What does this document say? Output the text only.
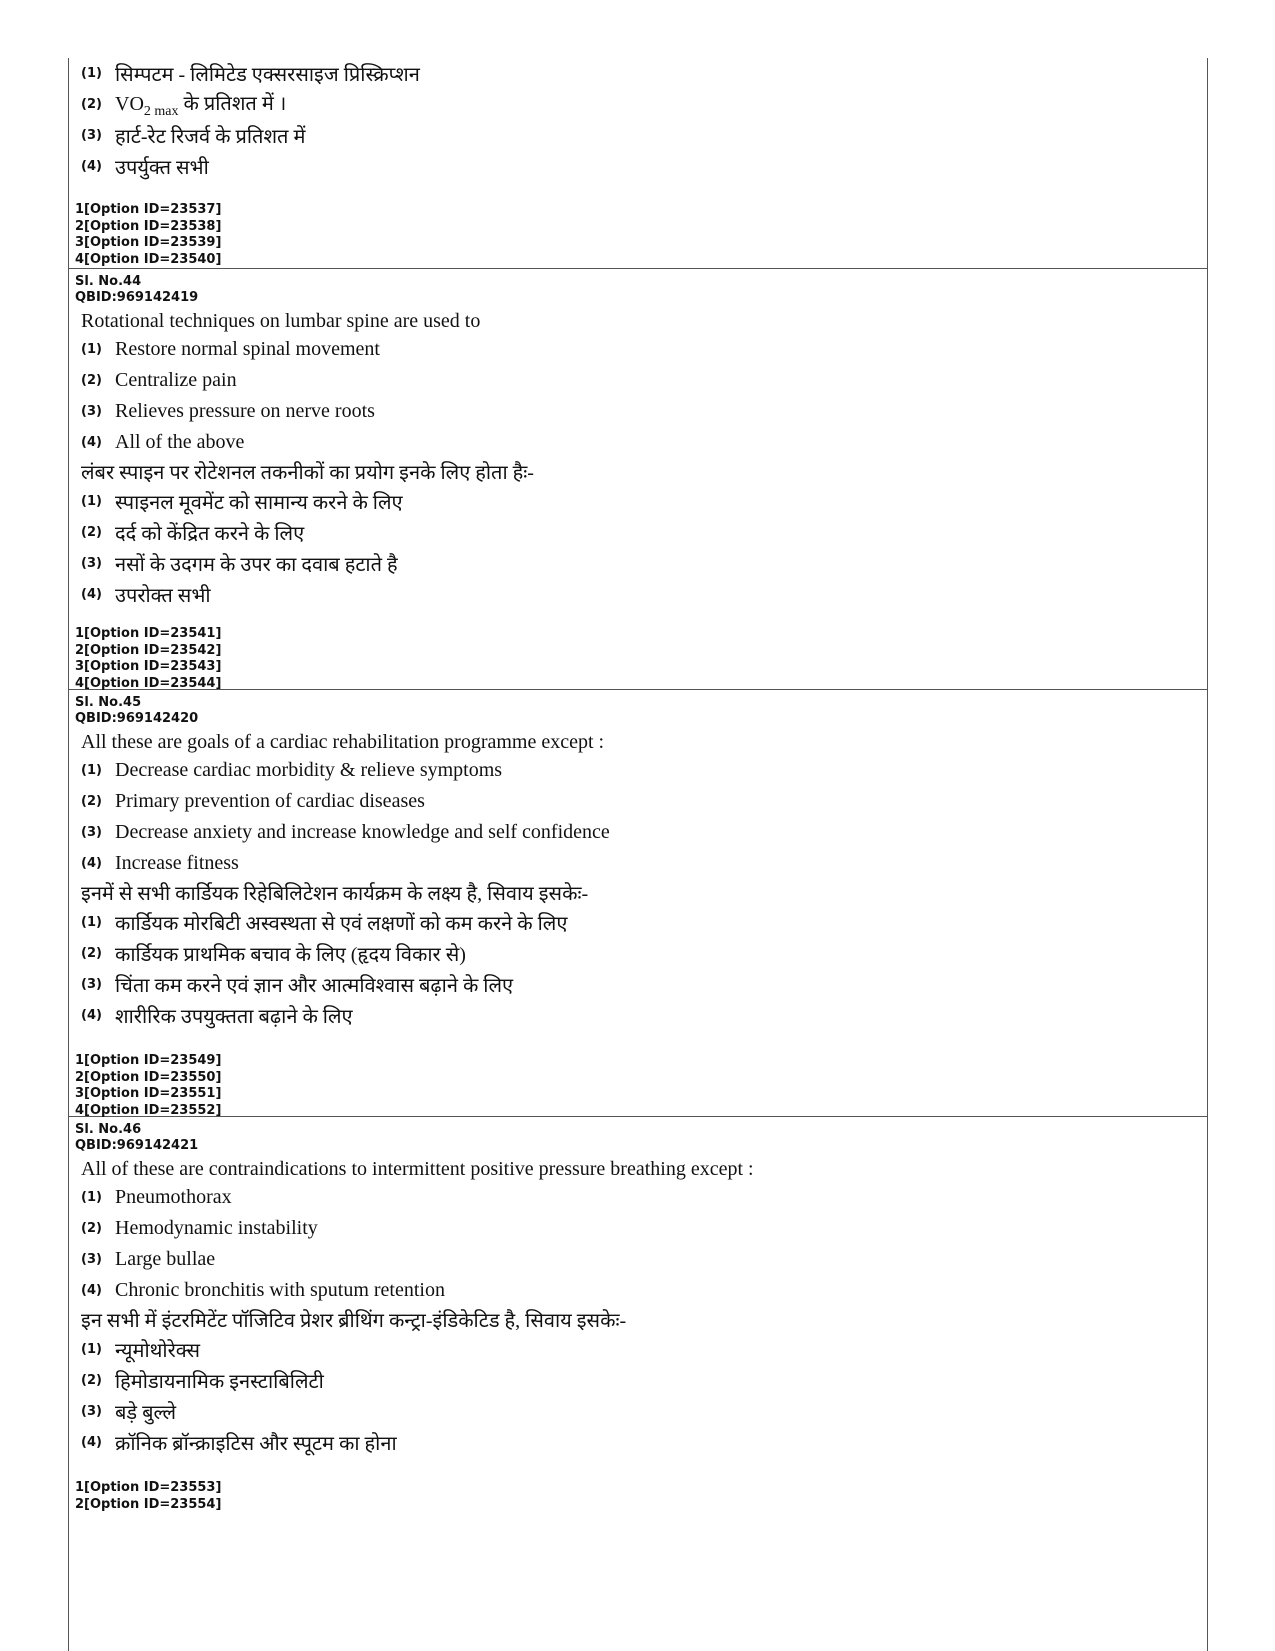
(1) सिम्पटम - लिमिटेड एक्सरसाइज प्रिस्क्रिप्शन
(2) $VO_{2 max}$ के प्रतिशत में ।
(3) हार्ट-रेट रिजर्व के प्रतिशत में
(4) उपर्युक्त सभी
1[Option ID=23537]
2[Option ID=23538]
3[Option ID=23539]
4[Option ID=23540]
Sl. No.44
QBID:969142419
Rotational techniques on lumbar spine are used to
(1) Restore normal spinal movement
(2) Centralize pain
(3) Relieves pressure on nerve roots
(4) All of the above
लंबर स्पाइन पर रोटेशनल तकनीकों का प्रयोग इनके लिए होता हैः-
(1) स्पाइनल मूवमेंट को सामान्य करने के लिए
(2) दर्द को केंद्रित करने के लिए
(3) नसों के उदगम के उपर का दवाब हटाते है
(4) उपरोक्त सभी
1[Option ID=23541]
2[Option ID=23542]
3[Option ID=23543]
4[Option ID=23544]
Sl. No.45
QBID:969142420
All these are goals of a cardiac rehabilitation programme except :
(1) Decrease cardiac morbidity & relieve symptoms
(2) Primary prevention of cardiac diseases
(3) Decrease anxiety and increase knowledge and self confidence
(4) Increase fitness
इनमें से सभी कार्डियक रिहेबिलिटेशन कार्यक्रम के लक्ष्य है, सिवाय इसकेः-
(1) कार्डियक मोरबिटी अस्वस्थता से एवं लक्षणों को कम करने के लिए
(2) कार्डियक प्राथमिक बचाव के लिए (हृदय विकार से)
(3) चिंता कम करने एवं ज्ञान और आत्मविश्वास बढ़ाने के लिए
(4) शारीरिक उपयुक्तता बढ़ाने के लिए
1[Option ID=23549]
2[Option ID=23550]
3[Option ID=23551]
4[Option ID=23552]
Sl. No.46
QBID:969142421
All of these are contraindications to intermittent positive pressure breathing except :
(1) Pneumothorax
(2) Hemodynamic instability
(3) Large bullae
(4) Chronic bronchitis with sputum retention
इन सभी में इंटरमिटेंट पॉजिटिव प्रेशर ब्रीथिंग कन्ट्रा-इंडिकेटिड है, सिवाय इसकेः-
(1) न्यूमोथोरेक्स
(2) हिमोडायनामिक इनस्टाबिलिटी
(3) बड़े बुल्ले
(4) क्रॉनिक ब्रॉन्क्राइटिस और स्पूटम का होना
1[Option ID=23553]
2[Option ID=23554]
